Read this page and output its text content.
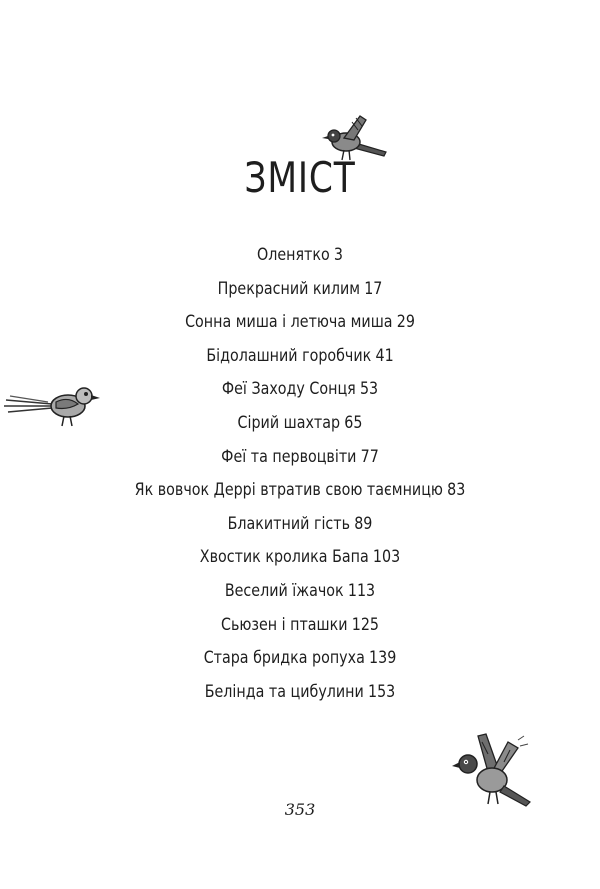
ЗМІСТ
Оленятко 3
Прекрасний килим 17
Сонна миша і летюча миша 29
Бідолашний горобчик 41
Феї Заходу Сонця 53
Сірий шахтар 65
Феї та первоцвіти 77
Як вовчок Деррі втратив свою таємницю 83
Блакитний гість 89
Хвостик кролика Бапа 103
Веселий їжачок 113
Сьюзен і пташки 125
Стара бридка ропуха 139
Белінда та цибулини 153
353
